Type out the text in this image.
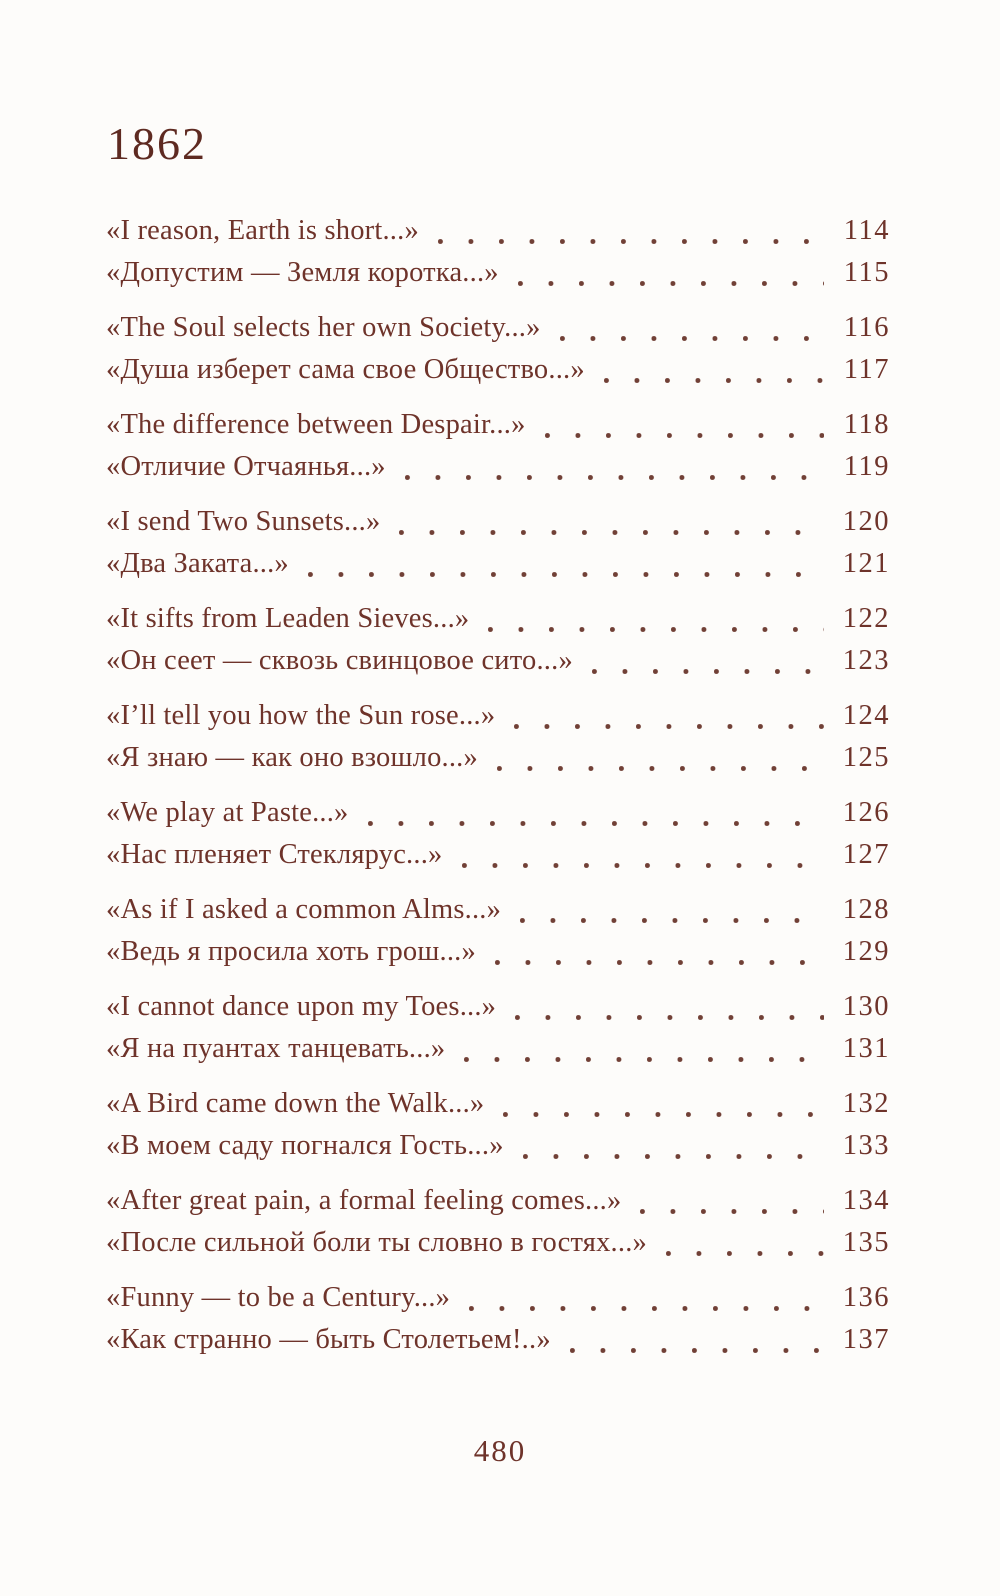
1862
«I reason, Earth is short...»	114
«Допустим — Земля коротка...»	115
«The Soul selects her own Society...»	116
«Душа изберет сама свое Общество...»	117
«The difference between Despair...»	118
«Отличие Отчаянья...»	119
«I send Two Sunsets...»	120
«Два Заката...»	121
«It sifts from Leaden Sieves...»	122
«Он сеет — сквозь свинцовое сито...»	123
«I’ll tell you how the Sun rose...»	124
«Я знаю — как оно взошло...»	125
«We play at Paste...»	126
«Нас пленяет Стеклярус...»	127
«As if I asked a common Alms...»	128
«Ведь я просила хоть грош...»	129
«I cannot dance upon my Toes...»	130
«Я на пуантах танцевать...»	131
«A Bird came down the Walk...»	132
«В моем саду погнался Гость...»	133
«After great pain, a formal feeling comes...»	134
«После сильной боли ты словно в гостях...»	135
«Funny — to be a Century...»	136
«Как странно — быть Столетьем!..»	137

480
